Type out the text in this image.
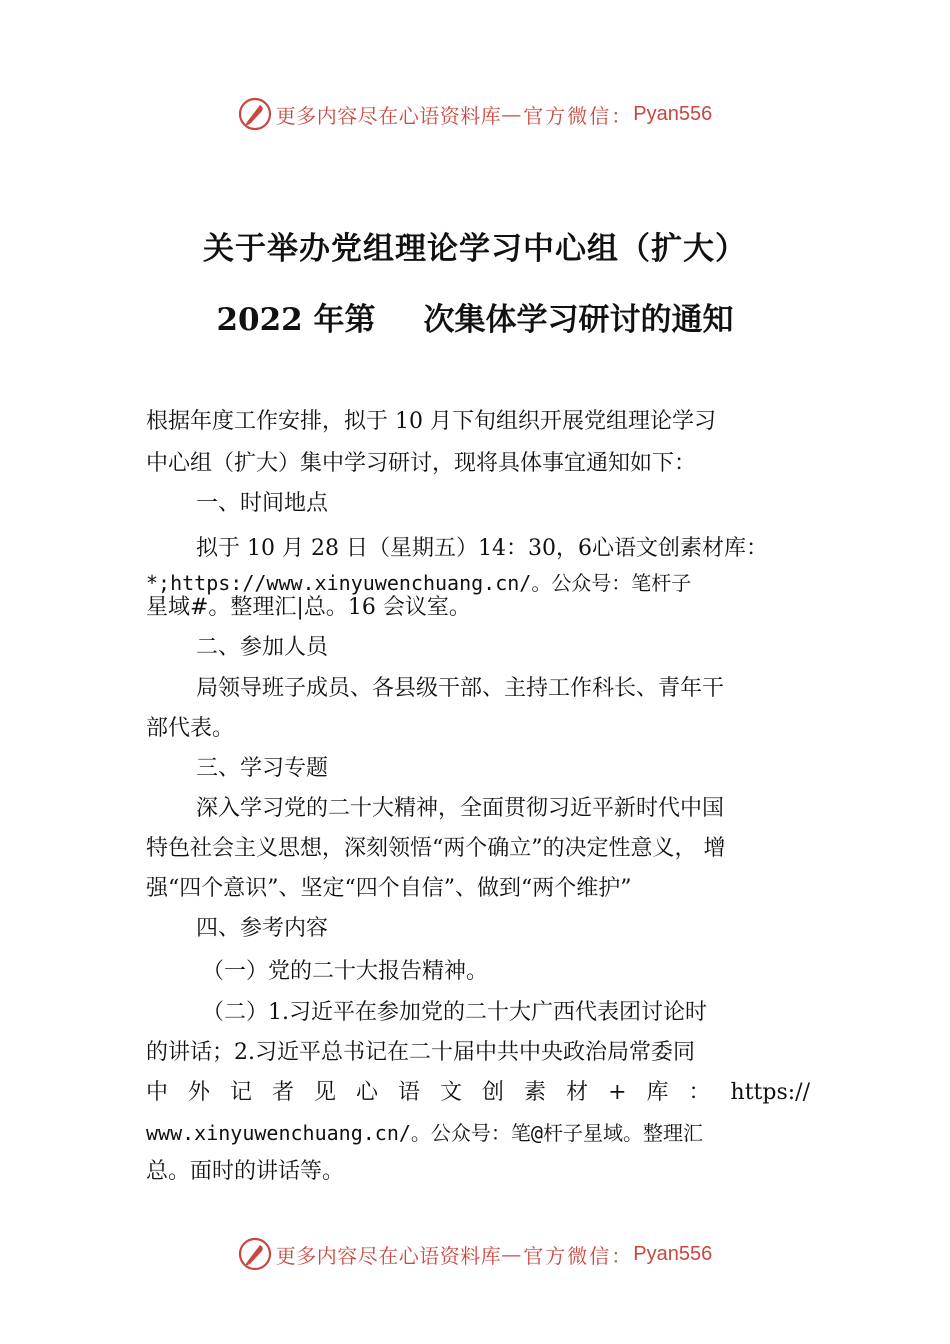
更多内容尽在心语资料库 — 官方微信： Pyan556
关于举办党组理论学习中心组（扩大）
2022 年第 次集体学习研讨的通知

根据年度工作安排，拟于 10 月下旬组织开展党组理论学习

中心组（扩大）集中学习研讨，现将具体事宜通知如下：

一、时间地点

拟于 10 月 28 日（星期五）14：30，6心语文创素材库：

*;https://www.xinyuwenchuang.cn/。公众号：笔杆子

星域#。整理汇|总。16 会议室。

二、参加人员

局领导班子成员、各县级干部、主持工作科长、青年干

部代表。

三、学习专题

深入学习党的二十大精神，全面贯彻习近平新时代中国

特色社会主义思想，深刻领悟“两个确立”的决定性意义， 增

强“四个意识”、坚定“四个自信”、做到“两个维护”

四、参考内容

（一）党的二十大报告精神。

（二）1.习近平在参加党的二十大广西代表团讨论时

的讲话；2.习近平总书记在二十届中共中央政治局常委同

中外记者见心语文创素材+库：https://

www.xinyuwenchuang.cn/。公众号：笔@杆子星域。整理汇

总。面时的讲话等。

更多内容尽在心语资料库 — 官方微信： Pyan556
